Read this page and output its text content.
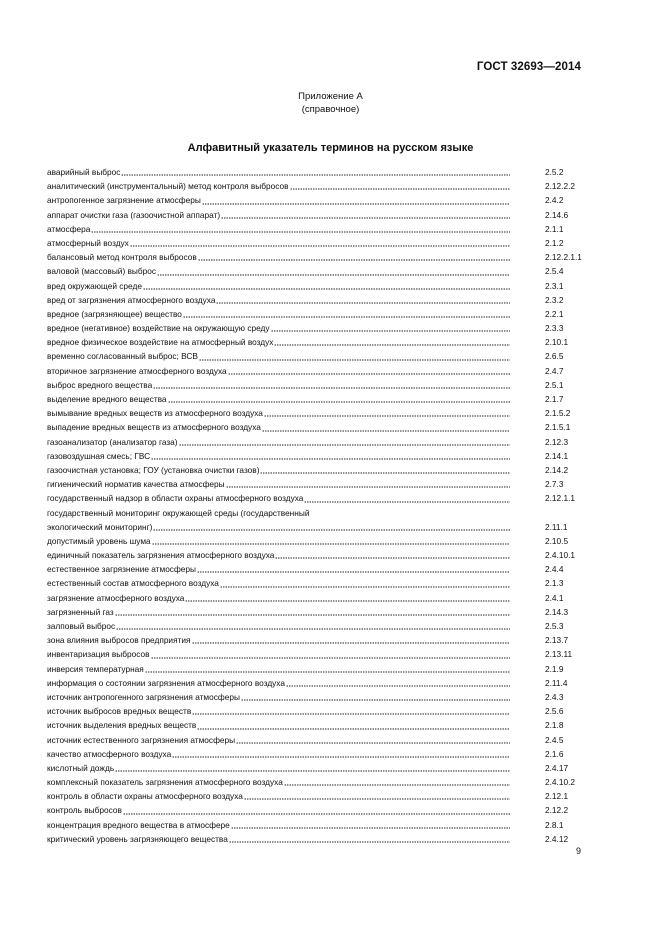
ГОСТ 32693—2014
Приложение А
(справочное)
Алфавитный указатель терминов на русском языке
аварийный выброс	2.5.2
аналитический (инструментальный) метод контроля выбросов	2.12.2.2
антропогенное загрязнение атмосферы	2.4.2
аппарат очистки газа (газоочистной аппарат)	2.14.6
атмосфера	2.1.1
атмосферный воздух	2.1.2
балансовый метод контроля выбросов	2.12.2.1.1
валовой (массовый) выброс	2.5.4
вред окружающей среде	2.3.1
вред от загрязнения атмосферного воздуха	2.3.2
вредное (загрязняющее) вещество	2.2.1
вредное (негативное) воздействие на окружающую среду	2.3.3
вредное физическое воздействие на атмосферный воздух	2.10.1
временно согласованный выброс; ВСВ	2.6.5
вторичное загрязнение атмосферного воздуха	2.4.7
выброс вредного вещества	2.5.1
выделение вредного вещества	2.1.7
вымывание вредных веществ из атмосферного воздуха	2.1.5.2
выпадение вредных веществ из атмосферного воздуха	2.1.5.1
газоанализатор (анализатор газа)	2.12.3
газовоздушная смесь; ГВС	2.14.1
газоочистная установка; ГОУ (установка очистки газов)	2.14.2
гигиенический норматив качества атмосферы	2.7.3
государственный надзор в области охраны атмосферного воздуха	2.12.1.1
государственный мониторинг окружающей среды (государственный
экологический мониторинг)	2.11.1
допустимый уровень шума	2.10.5
единичный показатель загрязнения атмосферного воздуха	2.4.10.1
естественное загрязнение атмосферы	2.4.4
естественный состав атмосферного воздуха	2.1.3
загрязнение атмосферного воздуха	2.4.1
загрязненный газ	2.14.3
залповый выброс	2.5.3
зона влияния выбросов предприятия	2.13.7
инвентаризация выбросов	2.13.11
инверсия температурная	2.1.9
информация о состоянии загрязнения атмосферного воздуха	2.11.4
источник антропогенного загрязнения атмосферы	2.4.3
источник выбросов вредных веществ	2.5.6
источник выделения вредных веществ	2.1.8
источник естественного загрязнения атмосферы	2.4.5
качество атмосферного воздуха	2.1.6
кислотный дождь	2.4.17
комплексный показатель загрязнения атмосферного воздуха	2.4.10.2
контроль в области охраны атмосферного воздуха	2.12.1
контроль выбросов	2.12.2
концентрация вредного вещества в атмосфере	2.8.1
критический уровень загрязняющего вещества	2.4.12
9
